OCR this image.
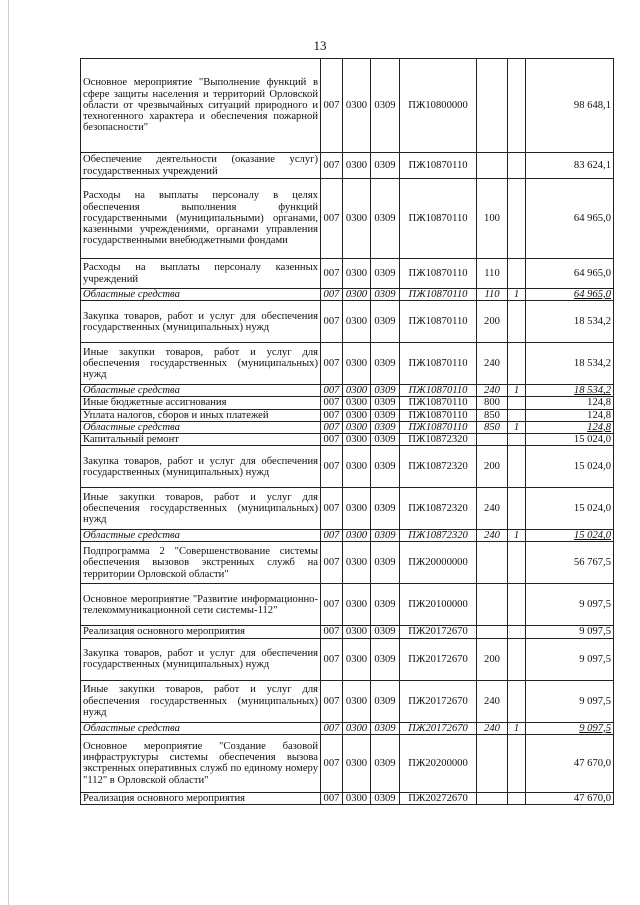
13
Основное мероприятие "Выполнение функций в сфере защиты населения и территорий Орловской области от чрезвычайных ситуаций природного и техногенного характера и обеспечения пожарной безопасности"	007	0300	0309	ПЖ10800000			98 648,1
Обеспечение деятельности (оказание услуг) государственных учреждений	007	0300	0309	ПЖ10870110			83 624,1
Расходы на выплаты персоналу в целях обеспечения выполнения функций государственными (муниципальными) органами, казенными учреждениями, органами управления государственными внебюджетными фондами	007	0300	0309	ПЖ10870110	100		64 965,0
Расходы на выплаты персоналу казенных учреждений	007	0300	0309	ПЖ10870110	110		64 965,0
Областные средства	007	0300	0309	ПЖ10870110	110	1	64 965,0
Закупка товаров, работ и услуг для обеспечения государственных (муниципальных) нужд	007	0300	0309	ПЖ10870110	200		18 534,2
Иные закупки товаров, работ и услуг для обеспечения государственных (муниципальных) нужд	007	0300	0309	ПЖ10870110	240		18 534,2
Областные средства	007	0300	0309	ПЖ10870110	240	1	18 534,2
Иные бюджетные ассигнования	007	0300	0309	ПЖ10870110	800		124,8
Уплата налогов, сборов и иных платежей	007	0300	0309	ПЖ10870110	850		124,8
Областные средства	007	0300	0309	ПЖ10870110	850	1	124,8
Капитальный ремонт	007	0300	0309	ПЖ10872320			15 024,0
Закупка товаров, работ и услуг для обеспечения государственных (муниципальных) нужд	007	0300	0309	ПЖ10872320	200		15 024,0
Иные закупки товаров, работ и услуг для обеспечения государственных (муниципальных) нужд	007	0300	0309	ПЖ10872320	240		15 024,0
Областные средства	007	0300	0309	ПЖ10872320	240	1	15 024,0
Подпрограмма 2 "Совершенствование системы обеспечения вызовов экстренных служб на территории Орловской области"	007	0300	0309	ПЖ20000000			56 767,5
Основное мероприятие "Развитие информационно-телекоммуникационной сети системы-112"	007	0300	0309	ПЖ20100000			9 097,5
Реализация основного мероприятия	007	0300	0309	ПЖ20172670			9 097,5
Закупка товаров, работ и услуг для обеспечения государственных (муниципальных) нужд	007	0300	0309	ПЖ20172670	200		9 097,5
Иные закупки товаров, работ и услуг для обеспечения государственных (муниципальных) нужд	007	0300	0309	ПЖ20172670	240		9 097,5
Областные средства	007	0300	0309	ПЖ20172670	240	1	9 097,5
Основное мероприятие "Создание базовой инфраструктуры системы обеспечения вызова экстренных оперативных служб по единому номеру "112" в Орловской области"	007	0300	0309	ПЖ20200000			47 670,0
Реализация основного мероприятия	007	0300	0309	ПЖ20272670			47 670,0
